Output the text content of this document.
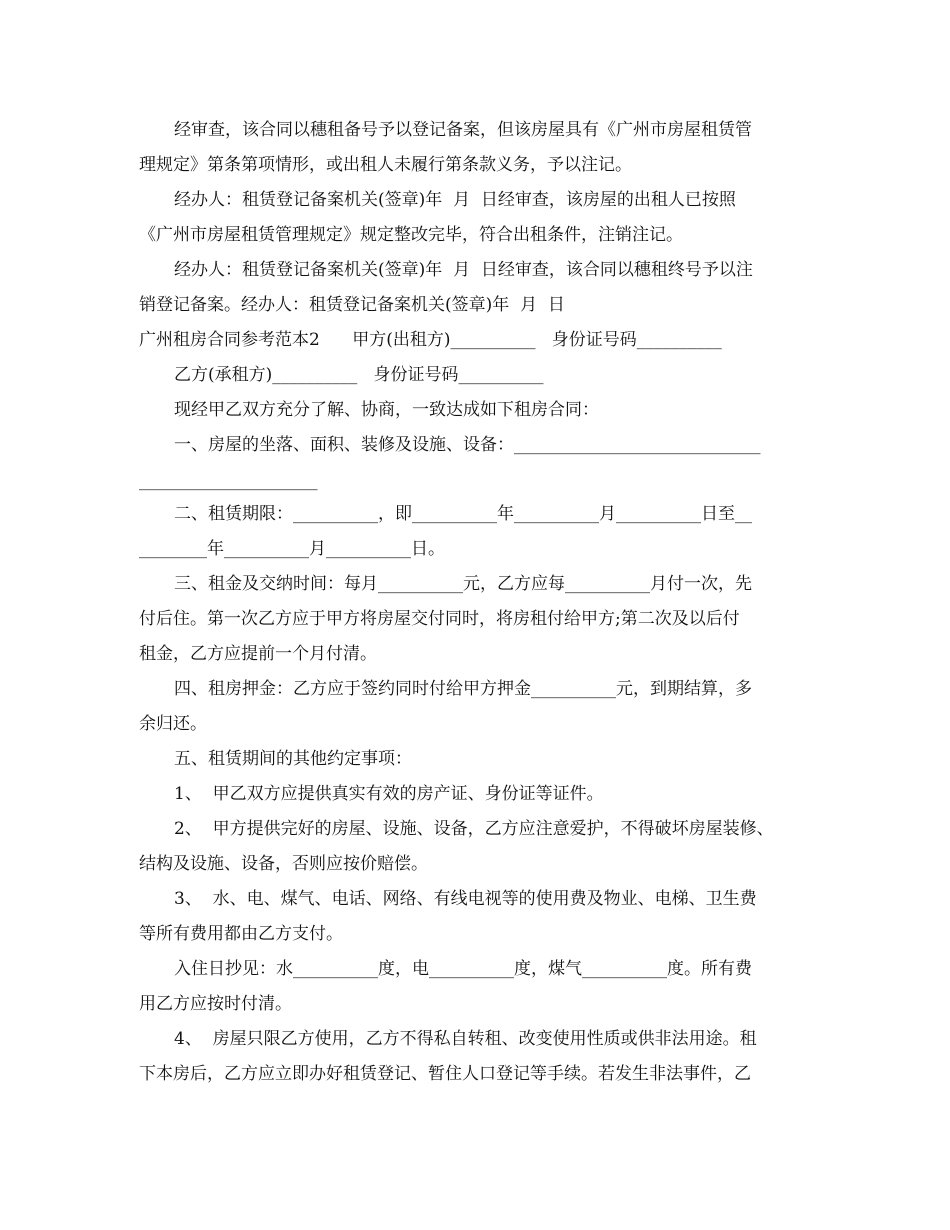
经审查，该合同以穗租备号予以登记备案，但该房屋具有《广州市房屋租赁管
理规定》第条第项情形，或出租人未履行第条款义务，予以注记。
经办人：租赁登记备案机关(签章)年  月  日经审查，该房屋的出租人已按照
《广州市房屋租赁管理规定》规定整改完毕，符合出租条件，注销注记。
经办人：租赁登记备案机关(签章)年  月  日经审查，该合同以穗租终号予以注
销登记备案。经办人：租赁登记备案机关(签章)年  月  日
广州租房合同参考范本2      甲方(出租方)__________   身份证号码__________
乙方(承租方)__________   身份证号码__________
现经甲乙双方充分了解、协商，一致达成如下租房合同：
一、房屋的坐落、面积、装修及设施、设备：_____________________________
_____________________
二、租赁期限：__________，即__________年__________月__________日至__
________年__________月__________日。
三、租金及交纳时间：每月__________元，乙方应每__________月付一次，先
付后住。第一次乙方应于甲方将房屋交付同时，将房租付给甲方;第二次及以后付
租金，乙方应提前一个月付清。
四、租房押金：乙方应于签约同时付给甲方押金__________元，到期结算，多
余归还。
五、租赁期间的其他约定事项：
1、  甲乙双方应提供真实有效的房产证、身份证等证件。
2、  甲方提供完好的房屋、设施、设备，乙方应注意爱护，不得破坏房屋装修、
结构及设施、设备，否则应按价赔偿。
3、  水、电、煤气、电话、网络、有线电视等的使用费及物业、电梯、卫生费
等所有费用都由乙方支付。
入住日抄见：水__________度，电__________度，煤气__________度。所有费
用乙方应按时付清。
4、  房屋只限乙方使用，乙方不得私自转租、改变使用性质或供非法用途。租
下本房后，乙方应立即办好租赁登记、暂住人口登记等手续。若发生非法事件，乙
